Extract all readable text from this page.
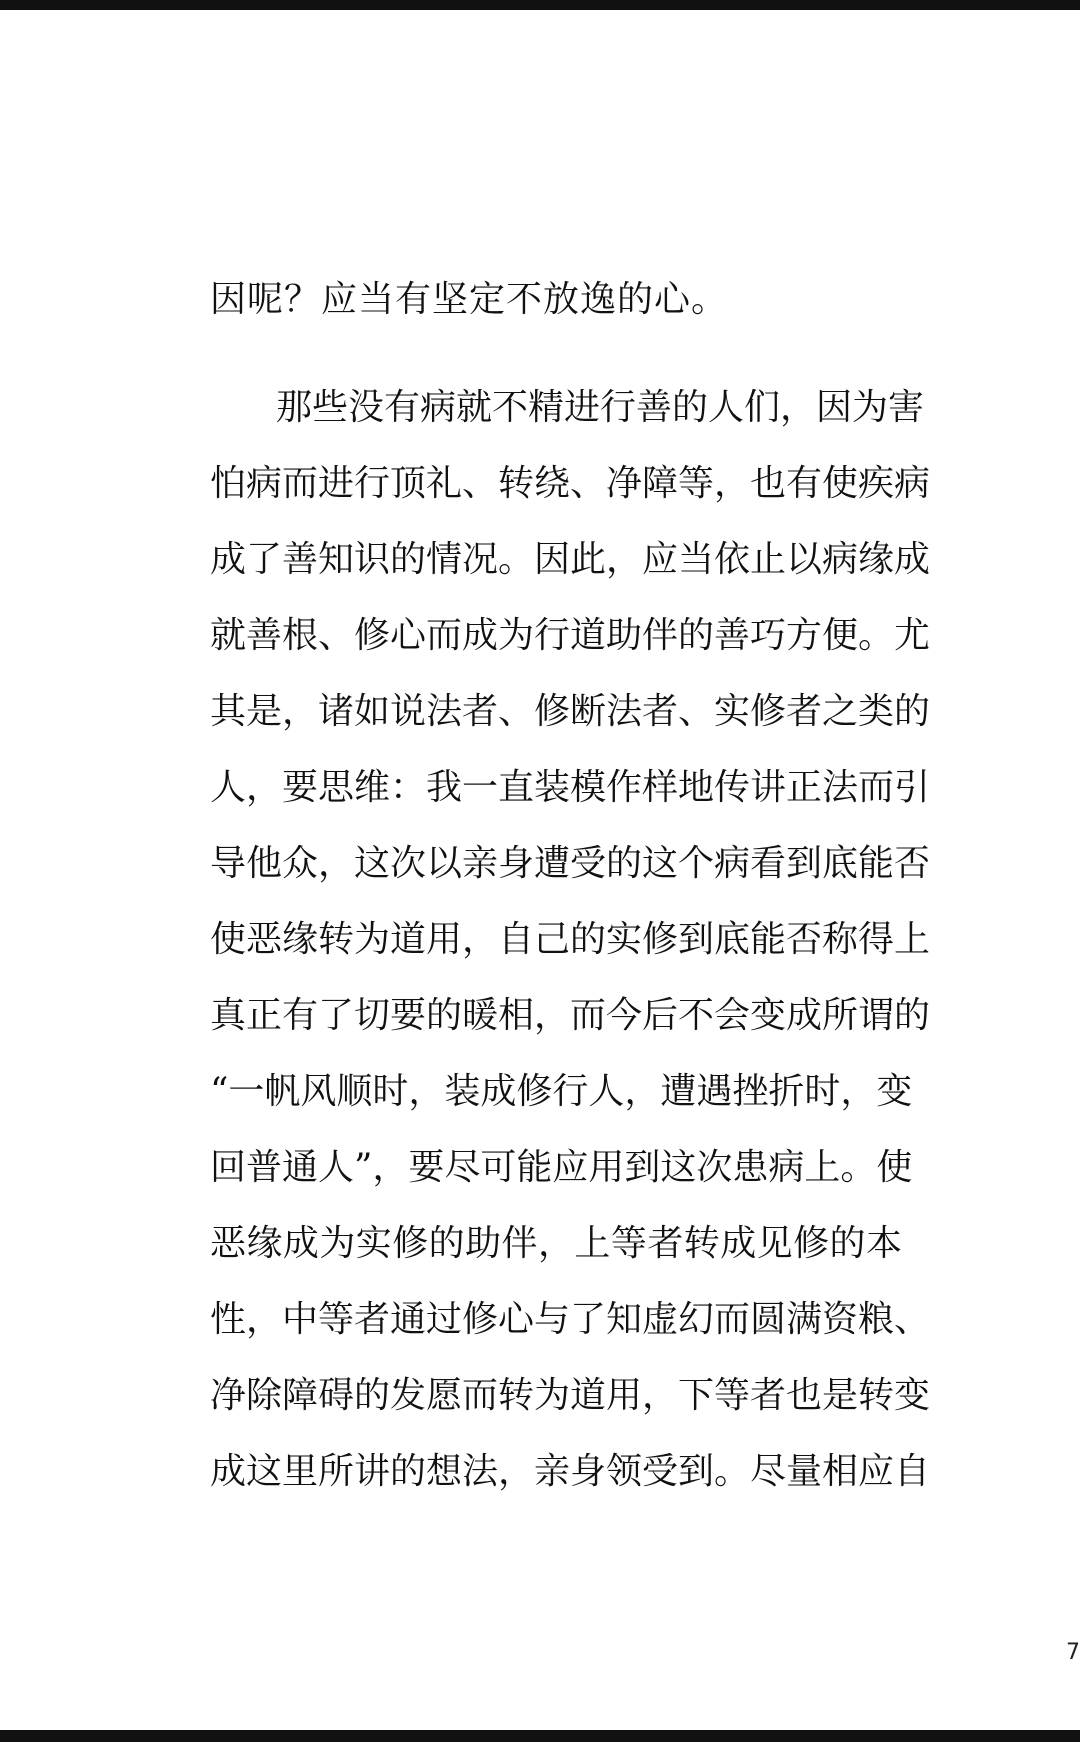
因呢？应当有坚定不放逸的心。
那些没有病就不精进行善的人们，因为害
怕病而进行顶礼、转绕、净障等，也有使疾病
成了善知识的情况。因此，应当依止以病缘成
就善根、修心而成为行道助伴的善巧方便。尤
其是，诸如说法者、修断法者、实修者之类的
人，要思维：我一直装模作样地传讲正法而引
导他众，这次以亲身遭受的这个病看到底能否
使恶缘转为道用，自己的实修到底能否称得上
真正有了切要的暖相，而今后不会变成所谓的
“一帆风顺时，装成修行人，遭遇挫折时，变
回普通人”，要尽可能应用到这次患病上。使
恶缘成为实修的助伴，上等者转成见修的本
性，中等者通过修心与了知虚幻而圆满资粮、
净除障碍的发愿而转为道用，下等者也是转变
成这里所讲的想法，亲身领受到。尽量相应自
7
